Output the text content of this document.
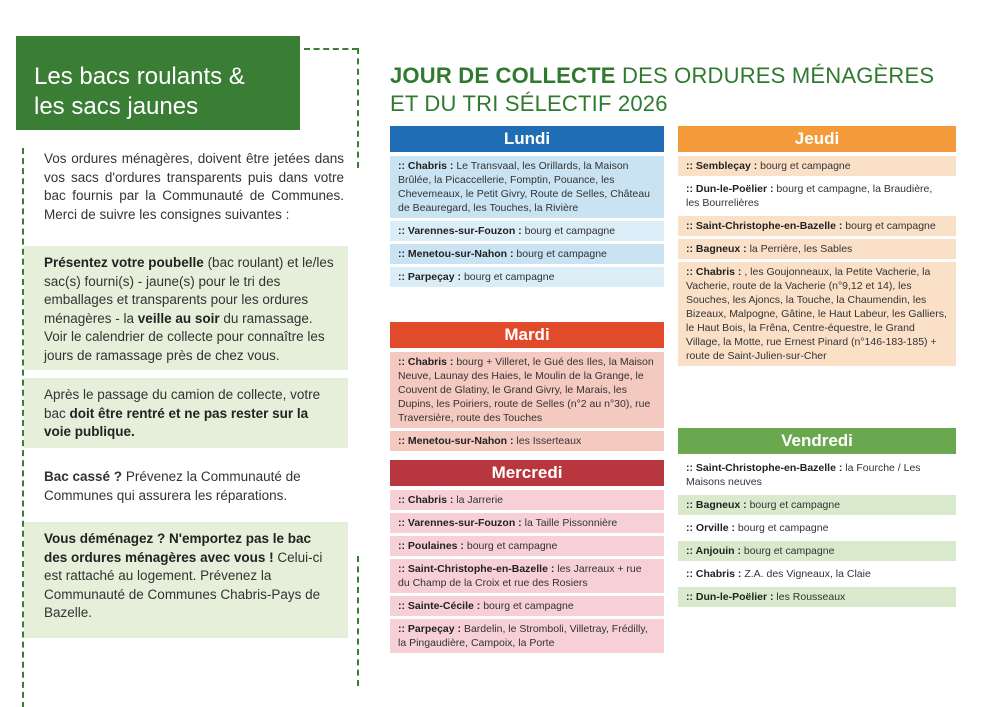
Les bacs roulants & les sacs jaunes
Vos ordures ménagères, doivent être jetées dans vos sacs d'ordures transparents puis dans votre bac fournis par la Communauté de Communes. Merci de suivre les consignes suivantes :
Présentez votre poubelle (bac roulant) et le/les sac(s) fourni(s) - jaune(s) pour le tri des emballages et transparents pour les ordures ménagères - la veille au soir du ramassage. Voir le calendrier de collecte pour connaître les jours de ramassage près de chez vous.
Après le passage du camion de collecte, votre bac doit être rentré et ne pas rester sur la voie publique.
Bac cassé ? Prévenez la Communauté de Communes qui assurera les réparations.
Vous déménagez ? N'emportez pas le bac des ordures ménagères avec vous ! Celui-ci est rattaché au logement. Prévenez la Communauté de Communes Chabris-Pays de Bazelle.
JOUR DE COLLECTE DES ORDURES MÉNAGÈRES ET DU TRI SÉLECTIF 2026
Lundi
:: Chabris : Le Transvaal, les Orillards, la Maison Brûlée, la Picaccellerie, Fomptin, Pouance, les Chevemeaux, le Petit Givry, Route de Selles, Château de Beauregard, les Touches, la Rivière
:: Varennes-sur-Fouzon : bourg et campagne
:: Menetou-sur-Nahon : bourg et campagne
:: Parpeçay : bourg et campagne
Mardi
:: Chabris : bourg + Villeret, le Gué des Iles, la Maison Neuve, Launay des Haies, le Moulin de la Grange, le Couvent de Glatiny, le Grand Givry, le Marais, les Dupins, les Poiriers, route de Selles (n°2 au n°30), rue Traversière, route des Touches
:: Menetou-sur-Nahon : les Isserteaux
Mercredi
:: Chabris : la Jarrerie
:: Varennes-sur-Fouzon : la Taille Pissonnière
:: Poulaines : bourg et campagne
:: Saint-Christophe-en-Bazelle : les Jarreaux + rue du Champ de la Croix et rue des Rosiers
:: Sainte-Cécile : bourg et campagne
:: Parpeçay : Bardelin, le Stromboli, Villetray, Frédilly, la Pingaudière, Campoix, la Porte
Jeudi
:: Sembleçay : bourg et campagne
:: Dun-le-Poëlier : bourg et campagne, la Braudière, les Bourrelières
:: Saint-Christophe-en-Bazelle : bourg et campagne
:: Bagneux : la Perrière, les Sables
:: Chabris : , les Goujonneaux, la Petite Vacherie, la Vacherie, route de la Vacherie (n°9,12 et 14), les Souches, les Ajoncs, la Touche, la Chaumendin, les Bizeaux, Malpogne, Gâtine, le Haut Labeur, les Galliers, le Haut Bois, la Frêna, Centre-équestre, le Grand Village, la Motte, rue Ernest Pinard (n°146-183-185) + route de Saint-Julien-sur-Cher
Vendredi
:: Saint-Christophe-en-Bazelle : la Fourche / Les Maisons neuves
:: Bagneux : bourg et campagne
:: Orville : bourg et campagne
:: Anjouin : bourg et campagne
:: Chabris : Z.A. des Vigneaux, la Claie
:: Dun-le-Poëlier : les Rousseaux
